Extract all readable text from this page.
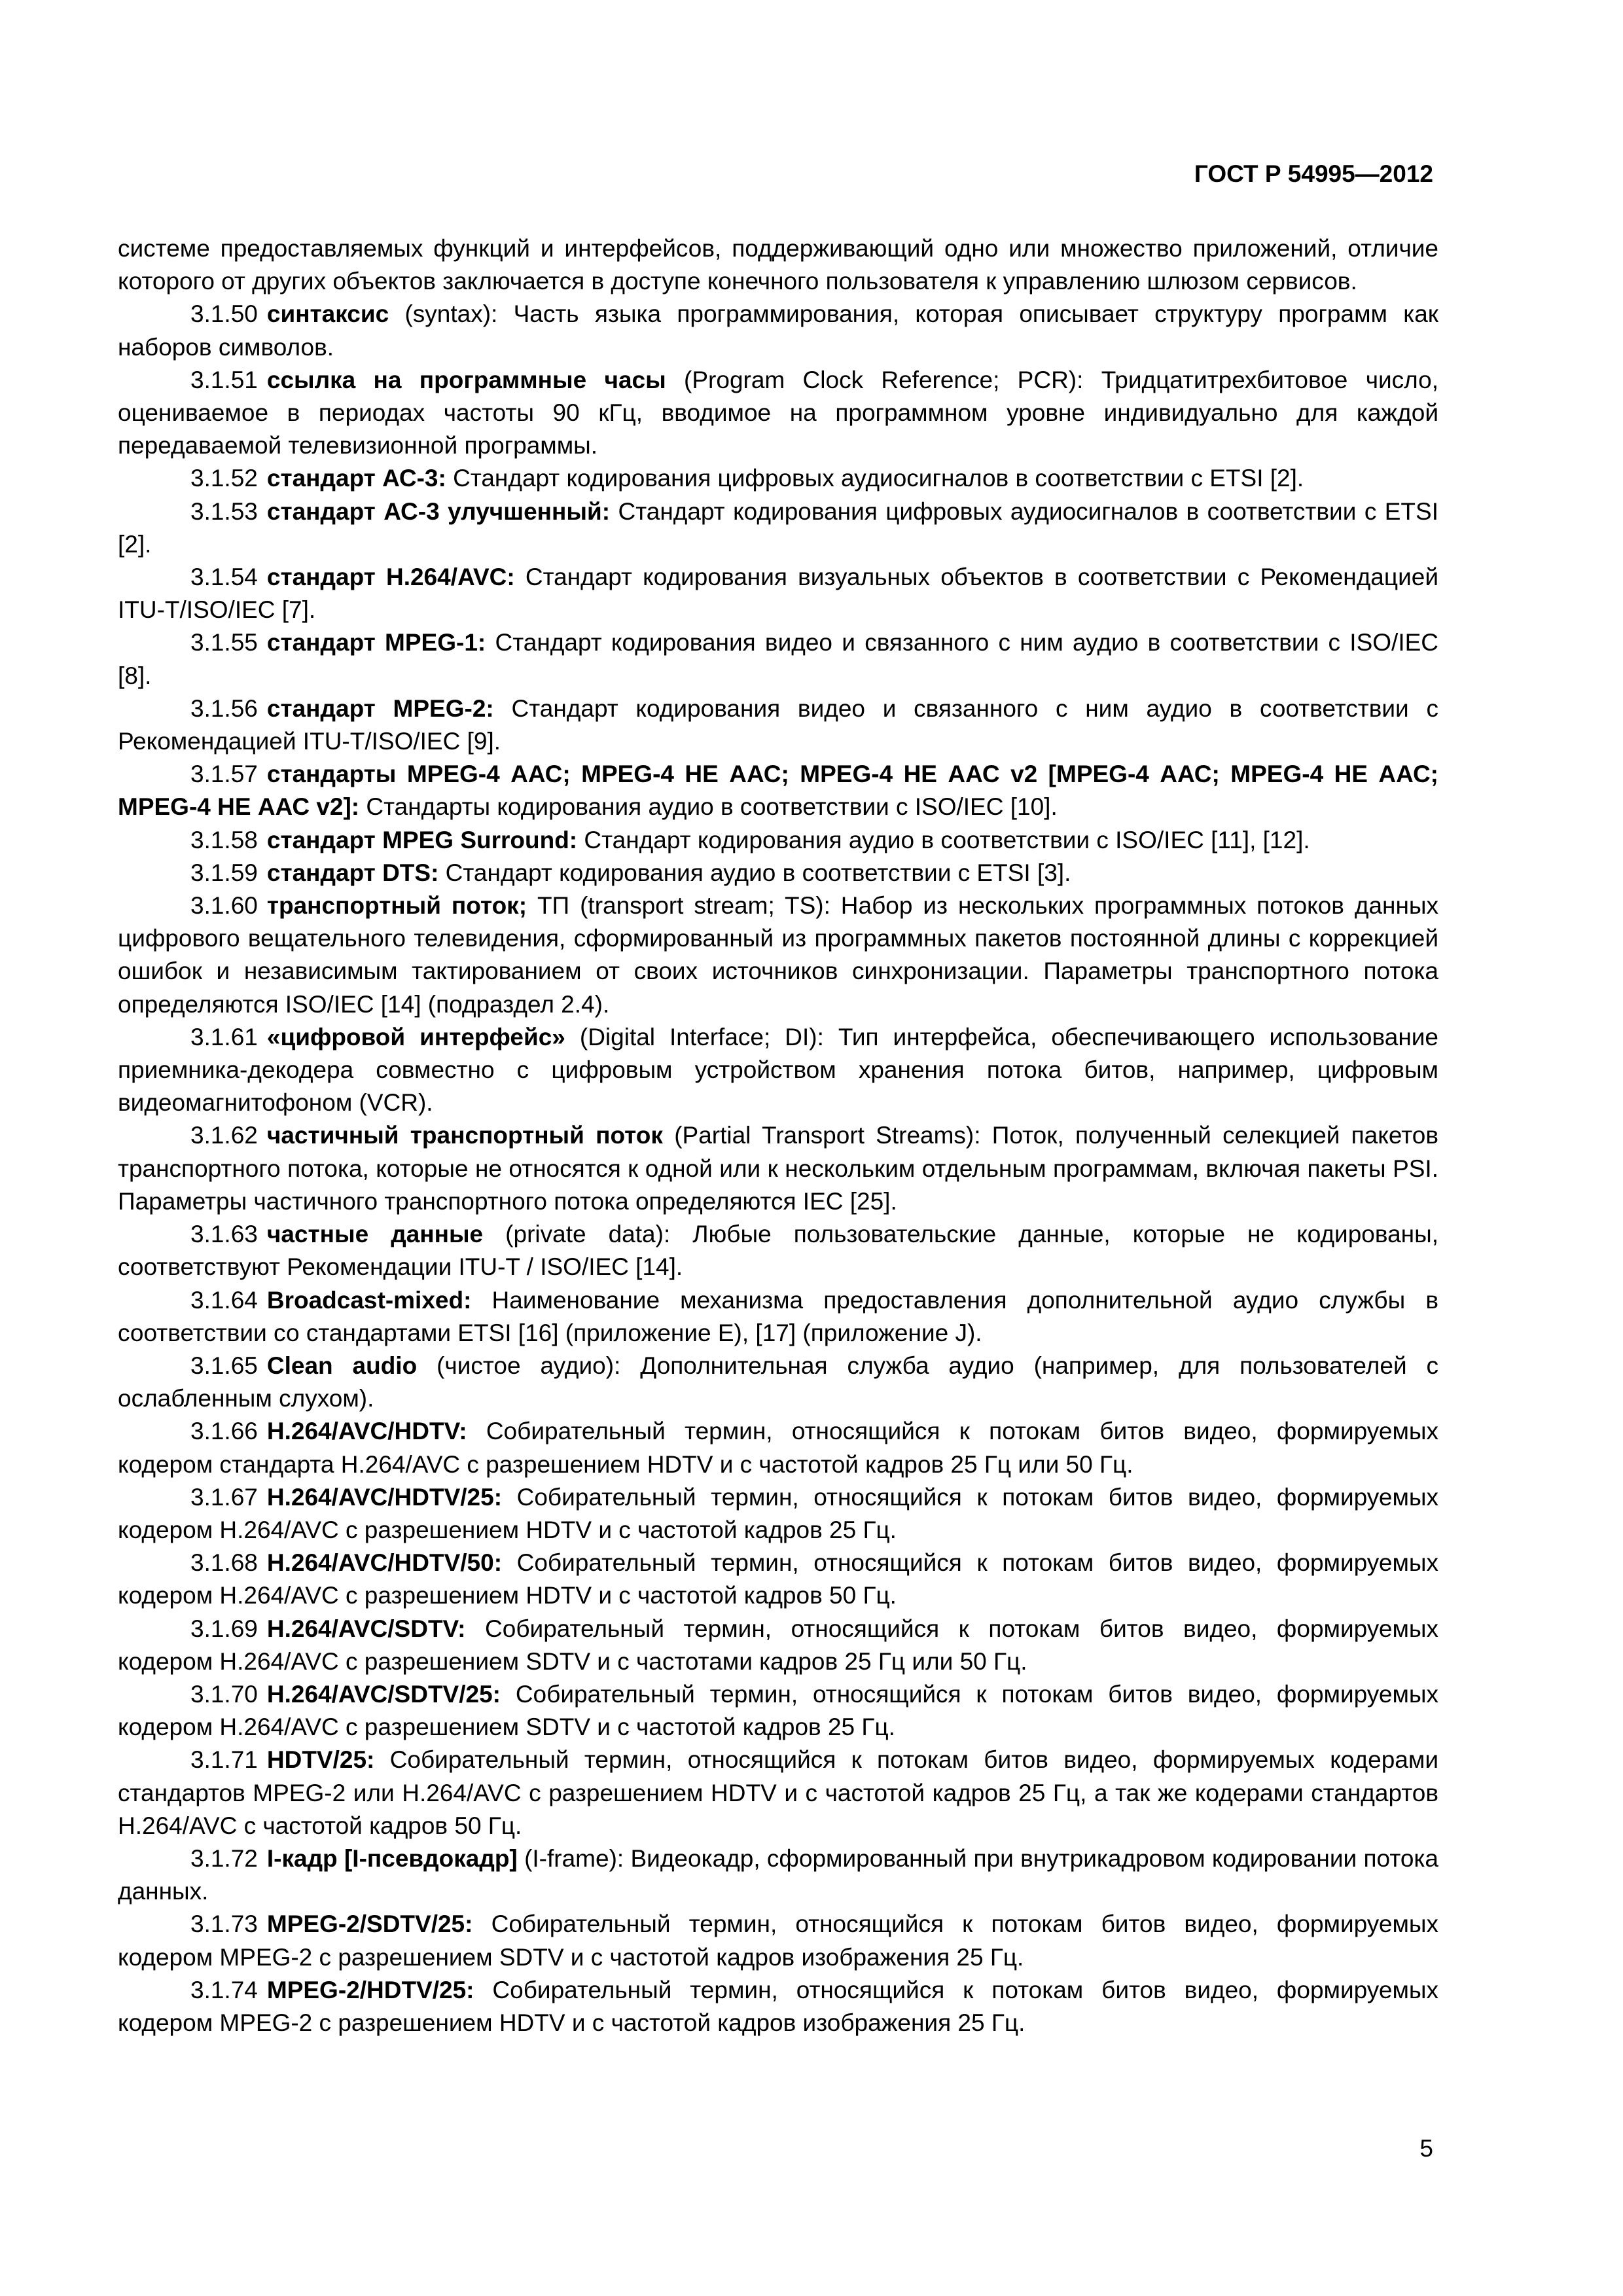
ГОСТ Р 54995—2012

системе предоставляемых функций и интерфейсов, поддерживающий одно или множество приложений, отличие которого от других объектов заключается в доступе конечного пользователя к управлению шлюзом сервисов.

3.1.50 синтаксис (syntax): Часть языка программирования, которая описывает структуру программ как наборов символов.

3.1.51 ссылка на программные часы (Program Clock Reference; PCR): Тридцатитрехбитовое число, оцениваемое в периодах частоты 90 кГц, вводимое на программном уровне индивидуально для каждой передаваемой телевизионной программы.

3.1.52 стандарт АС-3: Стандарт кодирования цифровых аудиосигналов в соответствии с ETSI [2].

3.1.53 стандарт АС-3 улучшенный: Стандарт кодирования цифровых аудиосигналов в соответствии с ETSI [2].

3.1.54 стандарт Н.264/AVC: Стандарт кодирования визуальных объектов в соответствии с Рекомендацией ITU-T/ISO/IEC [7].

3.1.55 стандарт MPEG-1: Стандарт кодирования видео и связанного с ним аудио в соответствии с ISO/IEC [8].

3.1.56 стандарт MPEG-2: Стандарт кодирования видео и связанного с ним аудио в соответствии с Рекомендацией ITU-T/ISO/IEC [9].

3.1.57 стандарты MPEG-4 ААС; MPEG-4 НЕ ААС; MPEG-4 НЕ ААС v2 [MPEG-4 ААС; MPEG-4 НЕ ААС; MPEG-4 НЕ ААС v2]: Стандарты кодирования аудио в соответствии с ISO/IEC [10].

3.1.58 стандарт MPEG Surround: Стандарт кодирования аудио в соответствии с ISO/IEC [11], [12].

3.1.59 стандарт DTS: Стандарт кодирования аудио в соответствии с ETSI [3].

3.1.60 транспортный поток; ТП (transport stream; TS): Набор из нескольких программных потоков данных цифрового вещательного телевидения, сформированный из программных пакетов постоянной длины с коррекцией ошибок и независимым тактированием от своих источников синхронизации. Параметры транспортного потока определяются ISO/IEC [14] (подраздел 2.4).

3.1.61 «цифровой интерфейс» (Digital Interface; DI): Тип интерфейса, обеспечивающего использование приемника-декодера совместно с цифровым устройством хранения потока битов, например, цифровым видеомагнитофоном (VCR).

3.1.62 частичный транспортный поток (Partial Transport Streams): Поток, полученный селекцией пакетов транспортного потока, которые не относятся к одной или к нескольким отдельным программам, включая пакеты PSI. Параметры частичного транспортного потока определяются IEC [25].

3.1.63 частные данные (private data): Любые пользовательские данные, которые не кодированы, соответствуют Рекомендации ITU-T / ISO/IEC [14].

3.1.64 Broadcast-mixed: Наименование механизма предоставления дополнительной аудио службы в соответствии со стандартами ETSI [16] (приложение Е), [17] (приложение J).

3.1.65 Clean audio (чистое аудио): Дополнительная служба аудио (например, для пользователей с ослабленным слухом).

3.1.66 H.264/AVC/HDTV: Собирательный термин, относящийся к потокам битов видео, формируемых кодером стандарта Н.264/AVC с разрешением HDTV и с частотой кадров 25 Гц или 50 Гц.

3.1.67 H.264/AVC/HDTV/25: Собирательный термин, относящийся к потокам битов видео, формируемых кодером Н.264/AVC с разрешением HDTV и с частотой кадров 25 Гц.

3.1.68 H.264/AVC/HDTV/50: Собирательный термин, относящийся к потокам битов видео, формируемых кодером Н.264/AVC с разрешением HDTV и с частотой кадров 50 Гц.

3.1.69 H.264/AVC/SDTV: Собирательный термин, относящийся к потокам битов видео, формируемых кодером Н.264/AVC с разрешением SDTV и с частотами кадров 25 Гц или 50 Гц.

3.1.70 H.264/AVC/SDTV/25: Собирательный термин, относящийся к потокам битов видео, формируемых кодером Н.264/AVC с разрешением SDTV и с частотой кадров 25 Гц.

3.1.71 HDTV/25: Собирательный термин, относящийся к потокам битов видео, формируемых кодерами стандартов MPEG-2 или Н.264/AVC с разрешением HDTV и с частотой кадров 25 Гц, а так же кодерами стандартов Н.264/AVC с частотой кадров 50 Гц.

3.1.72 I-кадр [I-псевдокадр] (I-frame): Видеокадр, сформированный при внутрикадровом кодировании потока данных.

3.1.73 MPEG-2/SDTV/25: Собирательный термин, относящийся к потокам битов видео, формируемых кодером MPEG-2 с разрешением SDTV и с частотой кадров изображения 25 Гц.

3.1.74 MPEG-2/HDTV/25: Собирательный термин, относящийся к потокам битов видео, формируемых кодером MPEG-2 с разрешением HDTV и с частотой кадров изображения 25 Гц.

5
